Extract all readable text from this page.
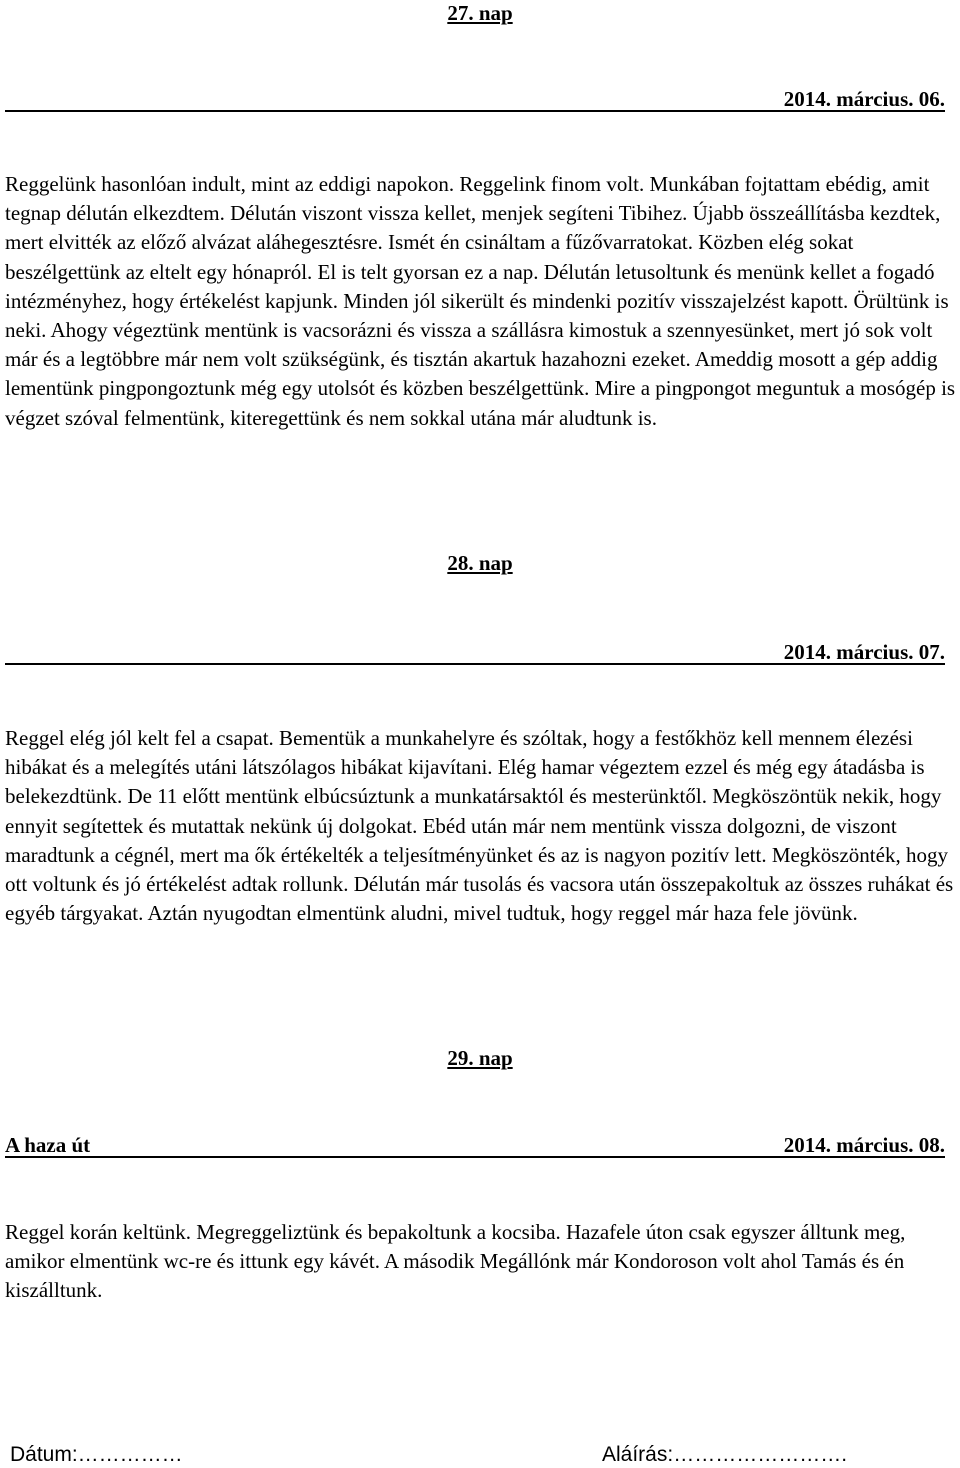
27. nap
2014. március. 06.

Reggelünk hasonlóan indult, mint az eddigi napokon. Reggelink finom volt. Munkában fojtattam ebédig, amit tegnap délután elkezdtem. Délután viszont vissza kellet, menjek segíteni Tibihez. Újabb összeállításba kezdtek, mert elvitték az előző alvázat aláhegesztésre. Ismét én csináltam a fűzővarratokat. Közben elég sokat beszélgettünk az eltelt egy hónapról. El is telt gyorsan ez a nap. Délután letusoltunk és menünk kellet a fogadó intézményhez, hogy értékelést kapjunk. Minden jól sikerült és mindenki pozitív visszajelzést kapott. Örültünk is neki. Ahogy végeztünk mentünk is vacsorázni és vissza a szállásra kimostuk a szennyesünket, mert jó sok volt már és a legtöbbre már nem volt szükségünk, és tisztán akartuk hazahozni ezeket. Ameddig mosott a gép addig lementünk pingpongoztunk még egy utolsót és közben beszélgettünk. Mire a pingpongot meguntuk a mosógép is végzet szóval felmentünk, kiteregettünk és nem sokkal utána már aludtunk is.

28. nap
2014. március. 07.

Reggel elég jól kelt fel a csapat. Bementük a munkahelyre és szóltak, hogy a festőkhöz kell mennem élezési hibákat és a melegítés utáni látszólagos hibákat kijavítani. Elég hamar végeztem ezzel és még egy átadásba is belekezdtünk. De 11 előtt mentünk elbúcsúztunk a munkatársaktól és mesterünktől. Megköszöntük nekik, hogy ennyit segítettek és mutattak nekünk új dolgokat. Ebéd után már nem mentünk vissza dolgozni, de viszont maradtunk a cégnél, mert ma ők értékelték a teljesítményünket és az is nagyon pozitív lett. Megköszönték, hogy ott voltunk és jó értékelést adtak rollunk. Délután már tusolás és vacsora után összepakoltuk az összes ruhákat és egyéb tárgyakat. Aztán nyugodtan elmentünk aludni, mivel tudtuk, hogy reggel már haza fele jövünk.

29. nap
A haza út	2014. március. 08.

Reggel korán keltünk. Megreggeliztünk és bepakoltunk a kocsiba. Hazafele úton csak egyszer álltunk meg, amikor elmentünk wc-re és ittunk egy kávét. A második Megállónk már Kondoroson volt ahol Tamás és én kiszálltunk.

Dátum:……………	Aláírás:…………………….
